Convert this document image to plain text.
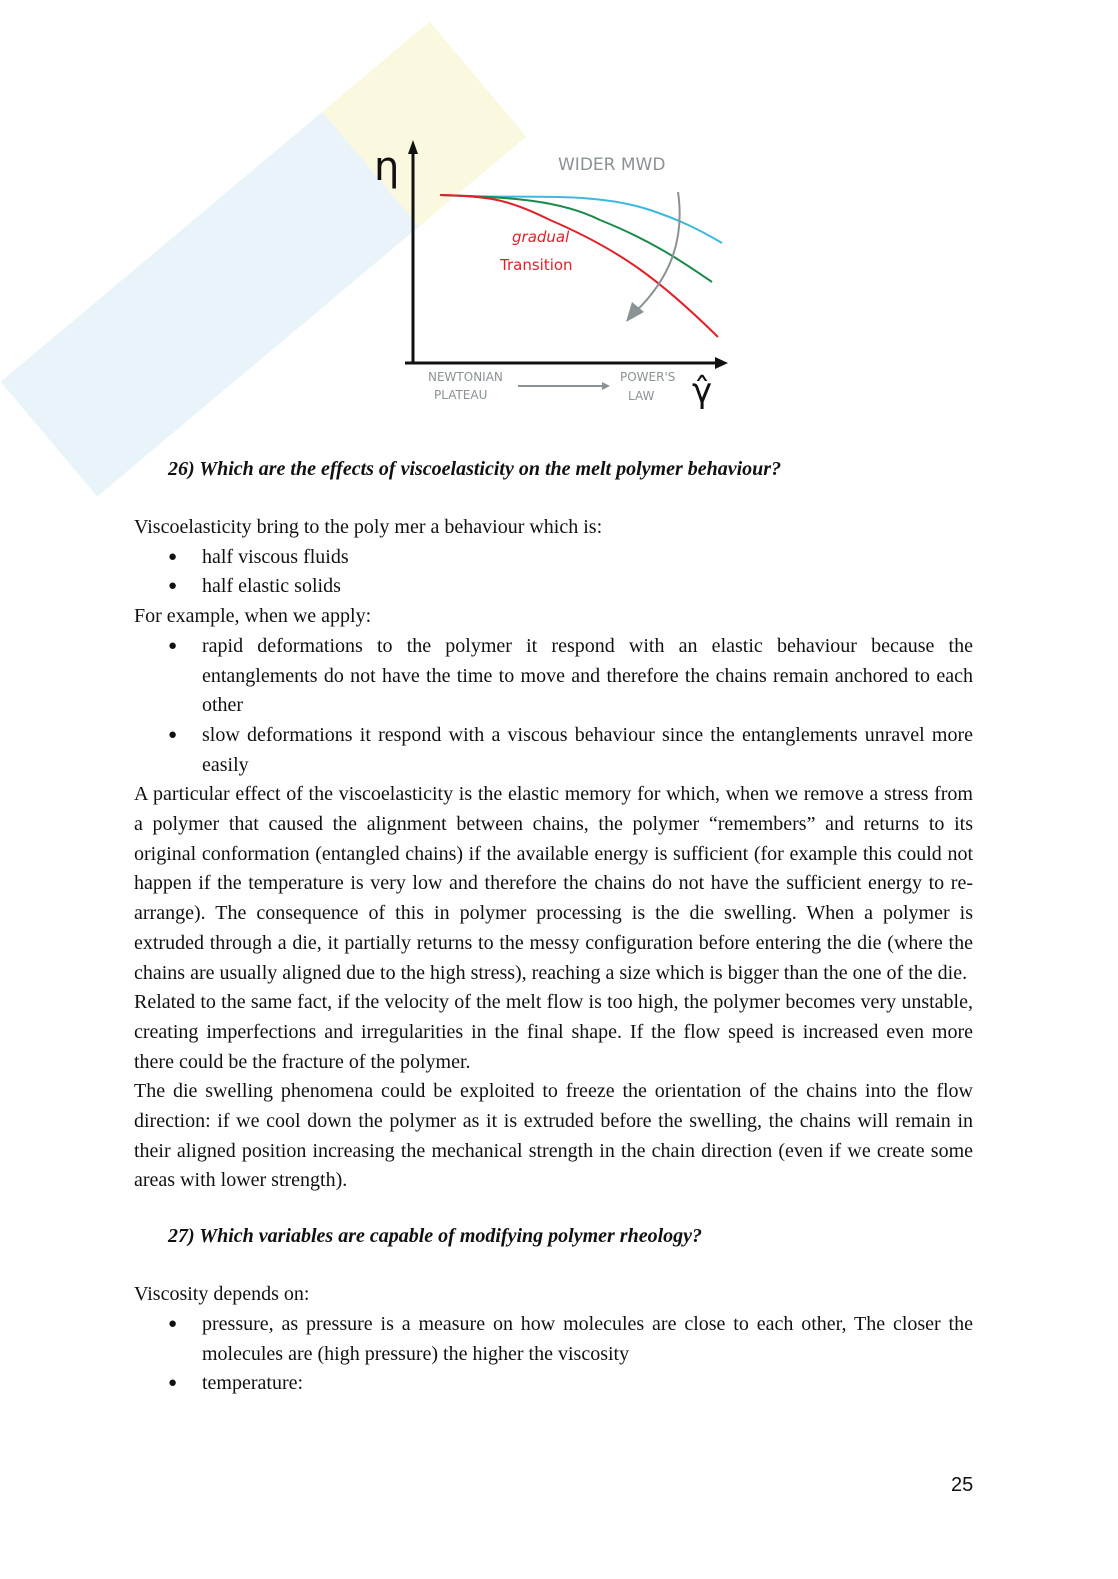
η
γ̂
WIDER MWD
gradual
Transition
NEWTONIAN
PLATEAU
POWER'S
LAW
26) Which are the effects of viscoelasticity on the melt polymer behaviour?

Viscoelasticity bring to the poly mer a behaviour which is:

● half viscous fluids
● half elastic solids

For example, when we apply:

● rapid deformations to the polymer it respond with an elastic behaviour because the entanglements do not have the time to move and therefore the chains remain anchored to each other
● slow deformations it respond with a viscous behaviour since the entanglements unravel more easily

A particular effect of the viscoelasticity is the elastic memory for which, when we remove a stress from a polymer that caused the alignment between chains, the polymer “remembers” and returns to its original conformation (entangled chains) if the available energy is sufficient (for example this could not happen if the temperature is very low and therefore the chains do not have the sufficient energy to re-arrange). The consequence of this in polymer processing is the die swelling. When a polymer is extruded through a die, it partially returns to the messy configuration before entering the die (where the chains are usually aligned due to the high stress), reaching a size which is bigger than the one of the die.

Related to the same fact, if the velocity of the melt flow is too high, the polymer becomes very unstable, creating imperfections and irregularities in the final shape. If the flow speed is increased even more there could be the fracture of the polymer.

The die swelling phenomena could be exploited to freeze the orientation of the chains into the flow direction: if we cool down the polymer as it is extruded before the swelling, the chains will remain in their aligned position increasing the mechanical strength in the chain direction (even if we create some areas with lower strength).

27) Which variables are capable of modifying polymer rheology?

Viscosity depends on:

● pressure, as pressure is a measure on how molecules are close to each other, The closer the molecules are (high pressure) the higher the viscosity
● temperature:
25
